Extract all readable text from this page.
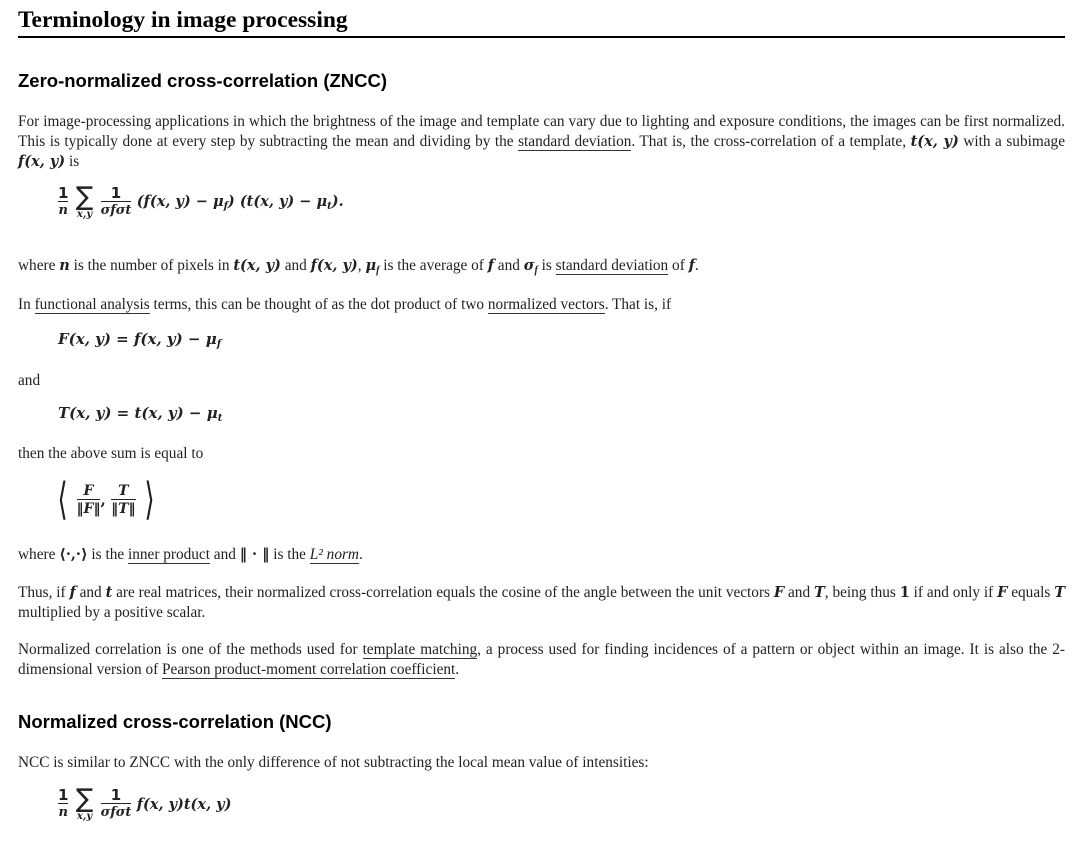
Terminology in image processing
Zero-normalized cross-correlation (ZNCC)

For image-processing applications in which the brightness of the image and template can vary due to lighting and exposure conditions, the images can be first normalized. This is typically done at every step by subtracting the mean and dividing by the standard deviation. That is, the cross-correlation of a template, t(x, y) with a subimage f(x, y) is

$\frac{1}{n}$
∑
x,y
$\frac{1}{\text{σfσt}} (f(x$, $y) - \mu_f$) (t(x, $y) - \mu_t$).

where n is the number of pixels in t(x, y) and f(x, y), μf is the average of f and σf is standard deviation of f.

In functional analysis terms, this can be thought of as the dot product of two normalized vectors. That is, if

F(x, y) = f(x, $y) - \mu_f$

and

T(x, y) = t(x, $y) - \mu_t$

then the above sum is equal to

⟨ $\frac{F}{‖F‖}$ , $\frac{T}{‖T‖}$ ⟩

where ⟨·,·⟩ is the inner product and ‖ · ‖ is the L² norm.

Thus, if f and t are real matrices, their normalized cross-correlation equals the cosine of the angle between the unit vectors F and T, being thus 1 if and only if F equals T multiplied by a positive scalar.

Normalized correlation is one of the methods used for template matching, a process used for finding incidences of a pattern or object within an image. It is also the 2-dimensional version of Pearson product-moment correlation coefficient.

Normalized cross-correlation (NCC)

NCC is similar to ZNCC with the only difference of not subtracting the local mean value of intensities:

$\frac{1}{n}$
∑
x,y
$\frac{1}{\text{σfσt}} f(x$, y)t(x, y)
